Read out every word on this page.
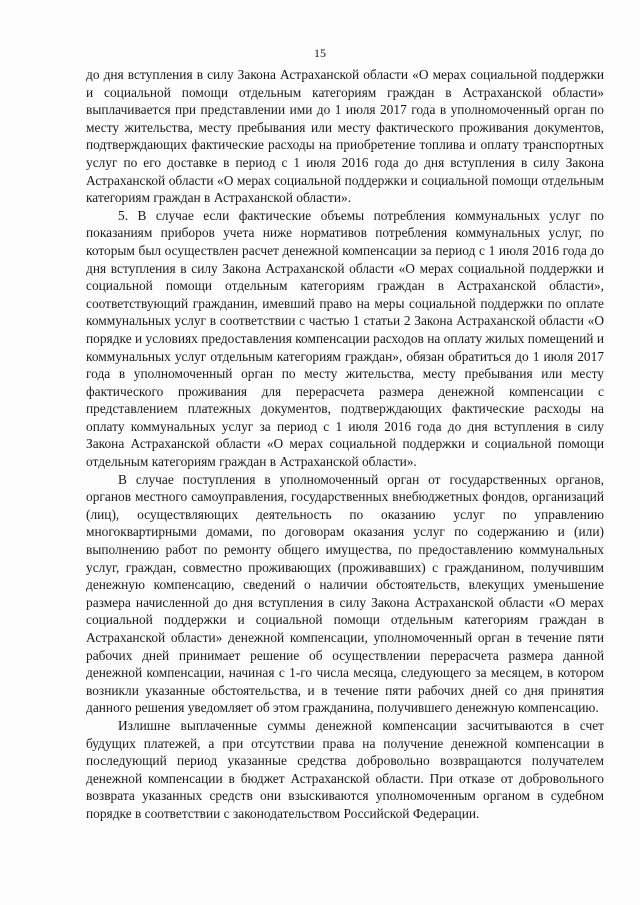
15

до дня вступления в силу Закона Астраханской области «О мерах социальной поддержки и социальной помощи отдельным категориям граждан в Астраханской области» выплачивается при представлении ими до 1 июля 2017 года в уполномоченный орган по месту жительства, месту пребывания или месту фактического проживания документов, подтверждающих фактические расходы на приобретение топлива и оплату транспортных услуг по его доставке в период с 1 июля 2016 года до дня вступления в силу Закона Астраханской области «О мерах социальной поддержки и социальной помощи отдельным категориям граждан в Астраханской области».

5. В случае если фактические объемы потребления коммунальных услуг по показаниям приборов учета ниже нормативов потребления коммунальных услуг, по которым был осуществлен расчет денежной компенсации за период с 1 июля 2016 года до дня вступления в силу Закона Астраханской области «О мерах социальной поддержки и социальной помощи отдельным категориям граждан в Астраханской области», соответствующий гражданин, имевший право на меры социальной поддержки по оплате коммунальных услуг в соответствии с частью 1 статьи 2 Закона Астраханской области «О порядке и условиях предоставления компенсации расходов на оплату жилых помещений и коммунальных услуг отдельным категориям граждан», обязан обратиться до 1 июля 2017 года в уполномоченный орган по месту жительства, месту пребывания или месту фактического проживания для перерасчета размера денежной компенсации с представлением платежных документов, подтверждающих фактические расходы на оплату коммунальных услуг за период с 1 июля 2016 года до дня вступления в силу Закона Астраханской области «О мерах социальной поддержки и социальной помощи отдельным категориям граждан в Астраханской области».

В случае поступления в уполномоченный орган от государственных органов, органов местного самоуправления, государственных внебюджетных фондов, организаций (лиц), осуществляющих деятельность по оказанию услуг по управлению многоквартирными домами, по договорам оказания услуг по содержанию и (или) выполнению работ по ремонту общего имущества, по предоставлению коммунальных услуг, граждан, совместно проживающих (проживавших) с гражданином, получившим денежную компенсацию, сведений о наличии обстоятельств, влекущих уменьшение размера начисленной до дня вступления в силу Закона Астраханской области «О мерах социальной поддержки и социальной помощи отдельным категориям граждан в Астраханской области» денежной компенсации, уполномоченный орган в течение пяти рабочих дней принимает решение об осуществлении перерасчета размера данной денежной компенсации, начиная с 1-го числа месяца, следующего за месяцем, в котором возникли указанные обстоятельства, и в течение пяти рабочих дней со дня принятия данного решения уведомляет об этом гражданина, получившего денежную компенсацию.

Излишне выплаченные суммы денежной компенсации засчитываются в счет будущих платежей, а при отсутствии права на получение денежной компенсации в последующий период указанные средства добровольно возвращаются получателем денежной компенсации в бюджет Астраханской области. При отказе от добровольного возврата указанных средств они взыскиваются уполномоченным органом в судебном порядке в соответствии с законодательством Российской Федерации.
